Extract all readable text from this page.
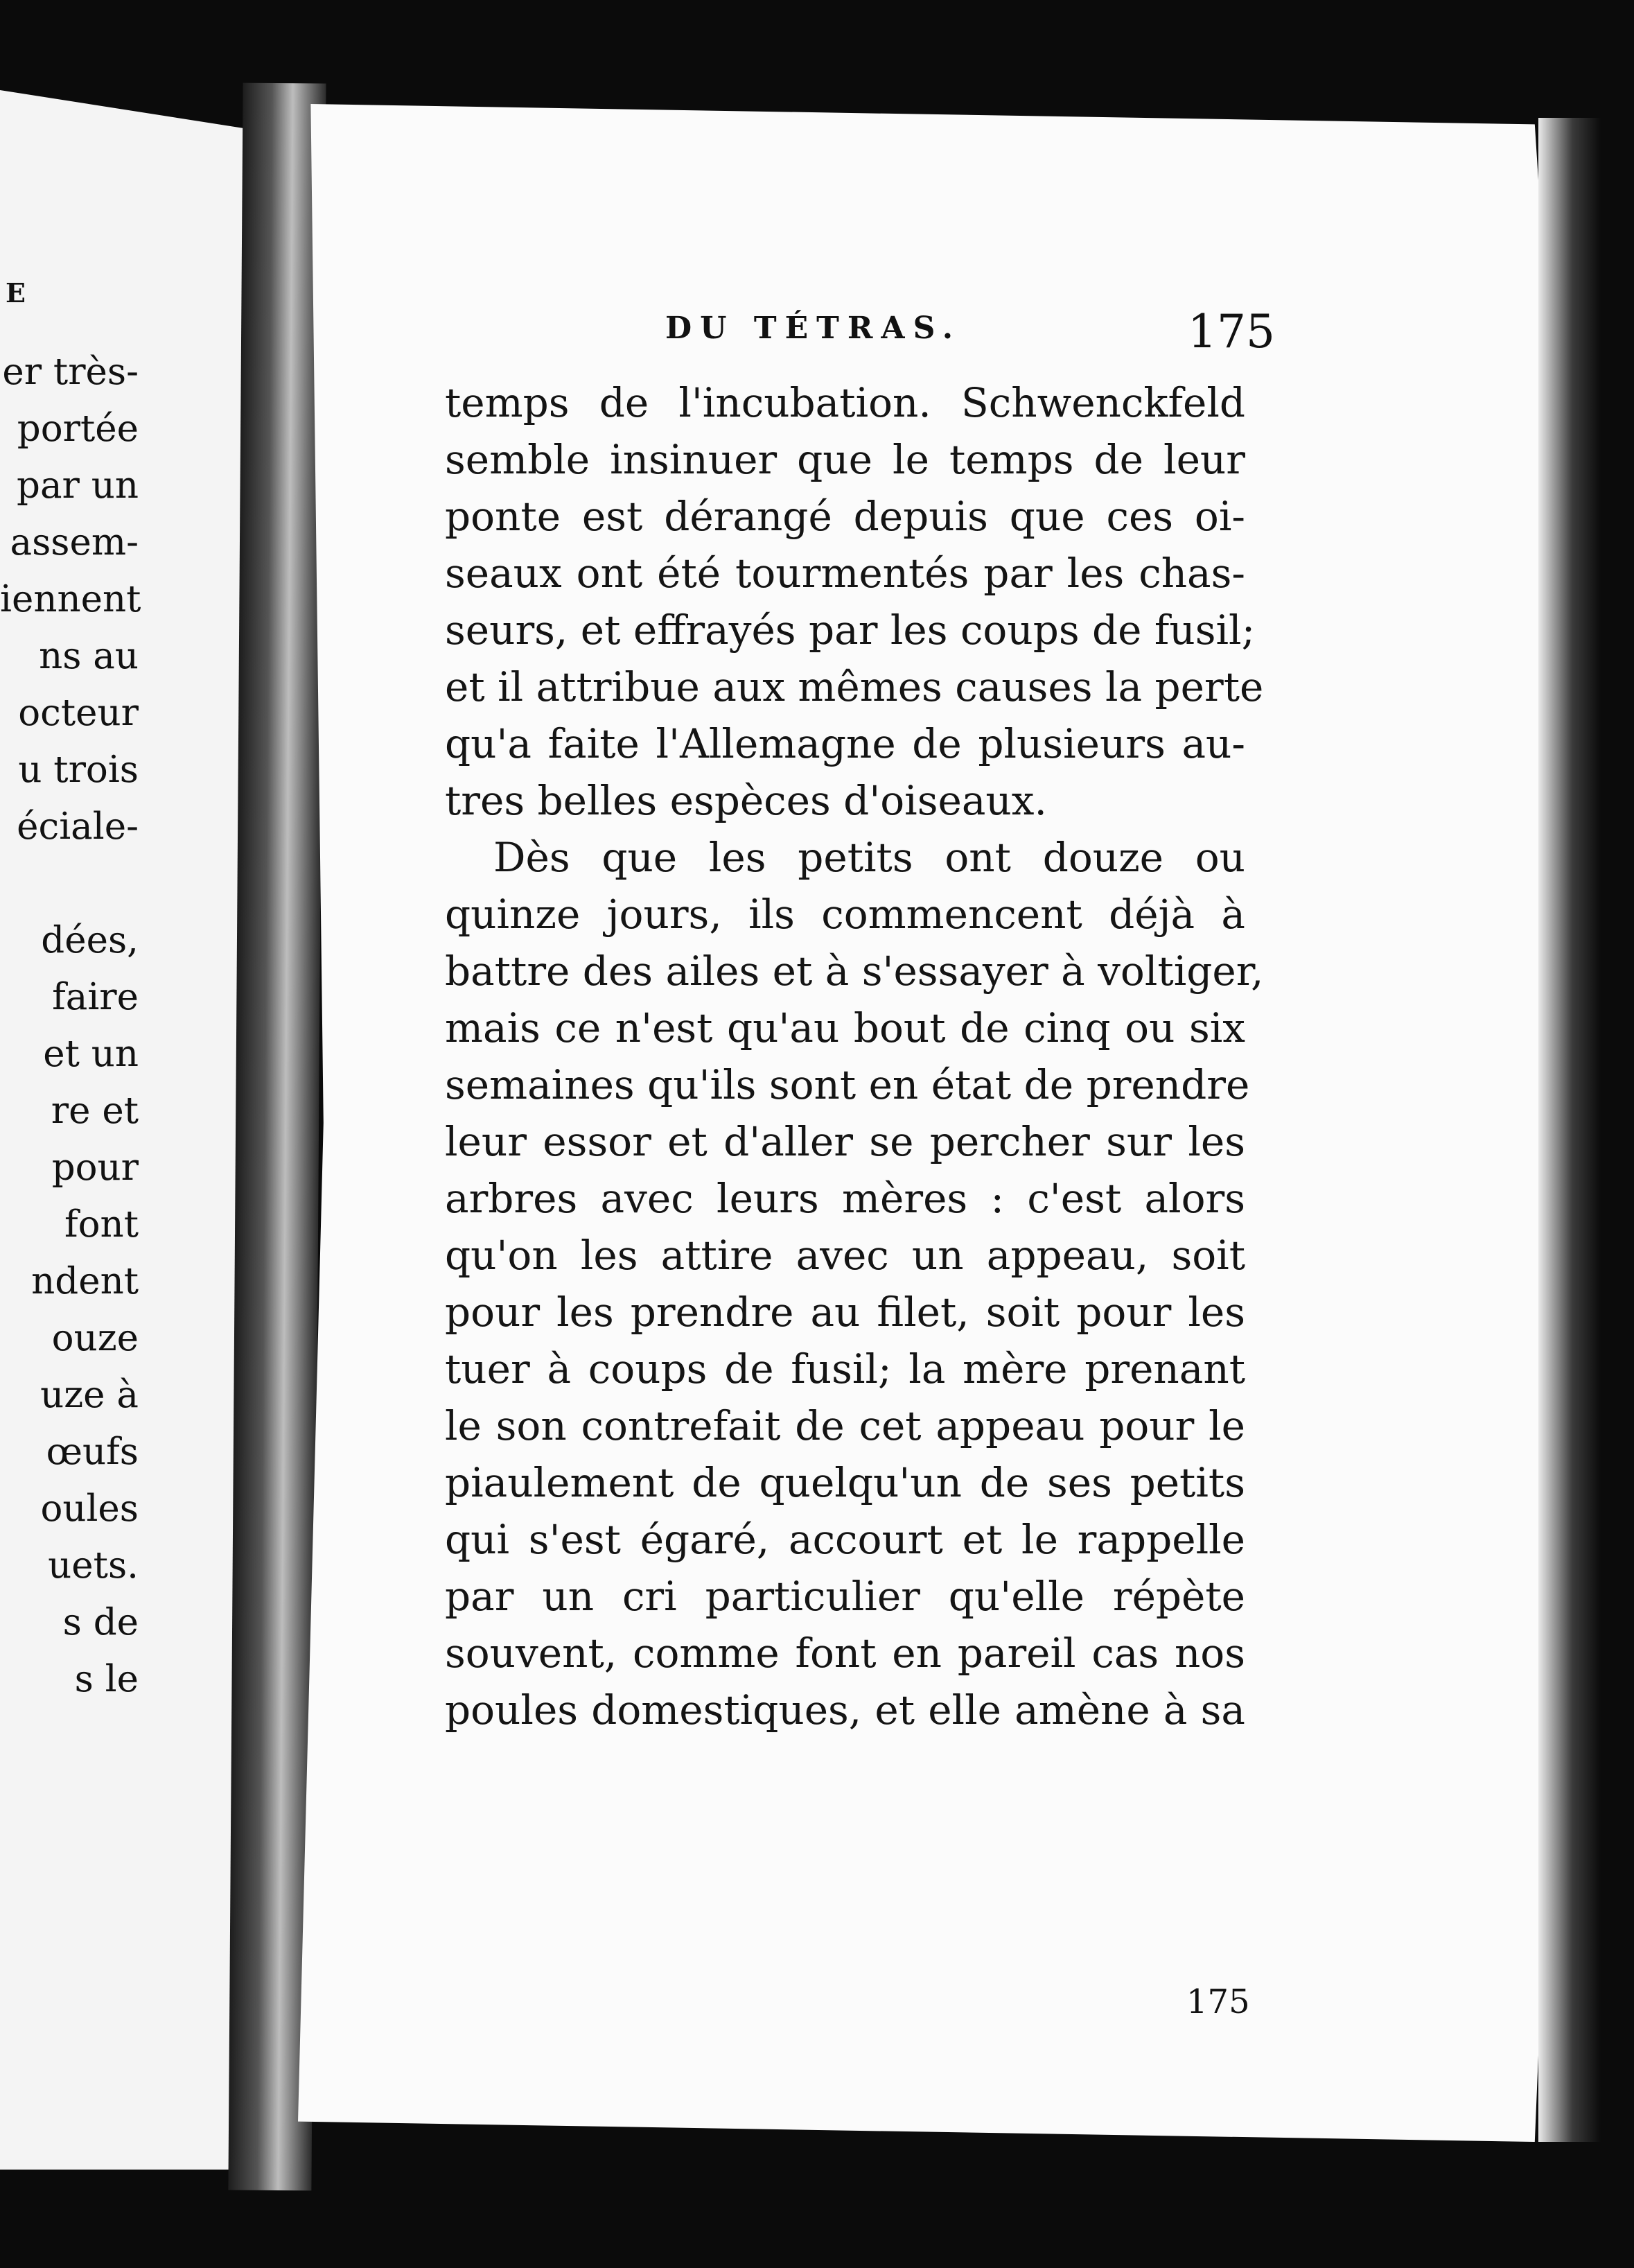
E
er très-
portée
par un
assem-
iennent
ns au
octeur
u trois
éciale-
dées,
faire
et un
re et
pour
font
ndent
ouze
uze à
œufs
oules
uets.
s de
s le
DU TÉTRAS.	175
temps de l'incubation. Schwenckfeld
semble insinuer que le temps de leur
ponte est dérangé depuis que ces oi-
seaux ont été tourmentés par les chas-
seurs, et effrayés par les coups de fusil;
et il attribue aux mêmes causes la perte
qu'a faite l'Allemagne de plusieurs au-
tres belles espèces d'oiseaux.
Dès que les petits ont douze ou
quinze jours, ils commencent déjà à
battre des ailes et à s'essayer à voltiger,
mais ce n'est qu'au bout de cinq ou six
semaines qu'ils sont en état de prendre
leur essor et d'aller se percher sur les
arbres avec leurs mères : c'est alors
qu'on les attire avec un appeau, soit
pour les prendre au filet, soit pour les
tuer à coups de fusil; la mère prenant
le son contrefait de cet appeau pour le
piaulement de quelqu'un de ses petits
qui s'est égaré, accourt et le rappelle
par un cri particulier qu'elle répète
souvent, comme font en pareil cas nos
poules domestiques, et elle amène à sa
175
